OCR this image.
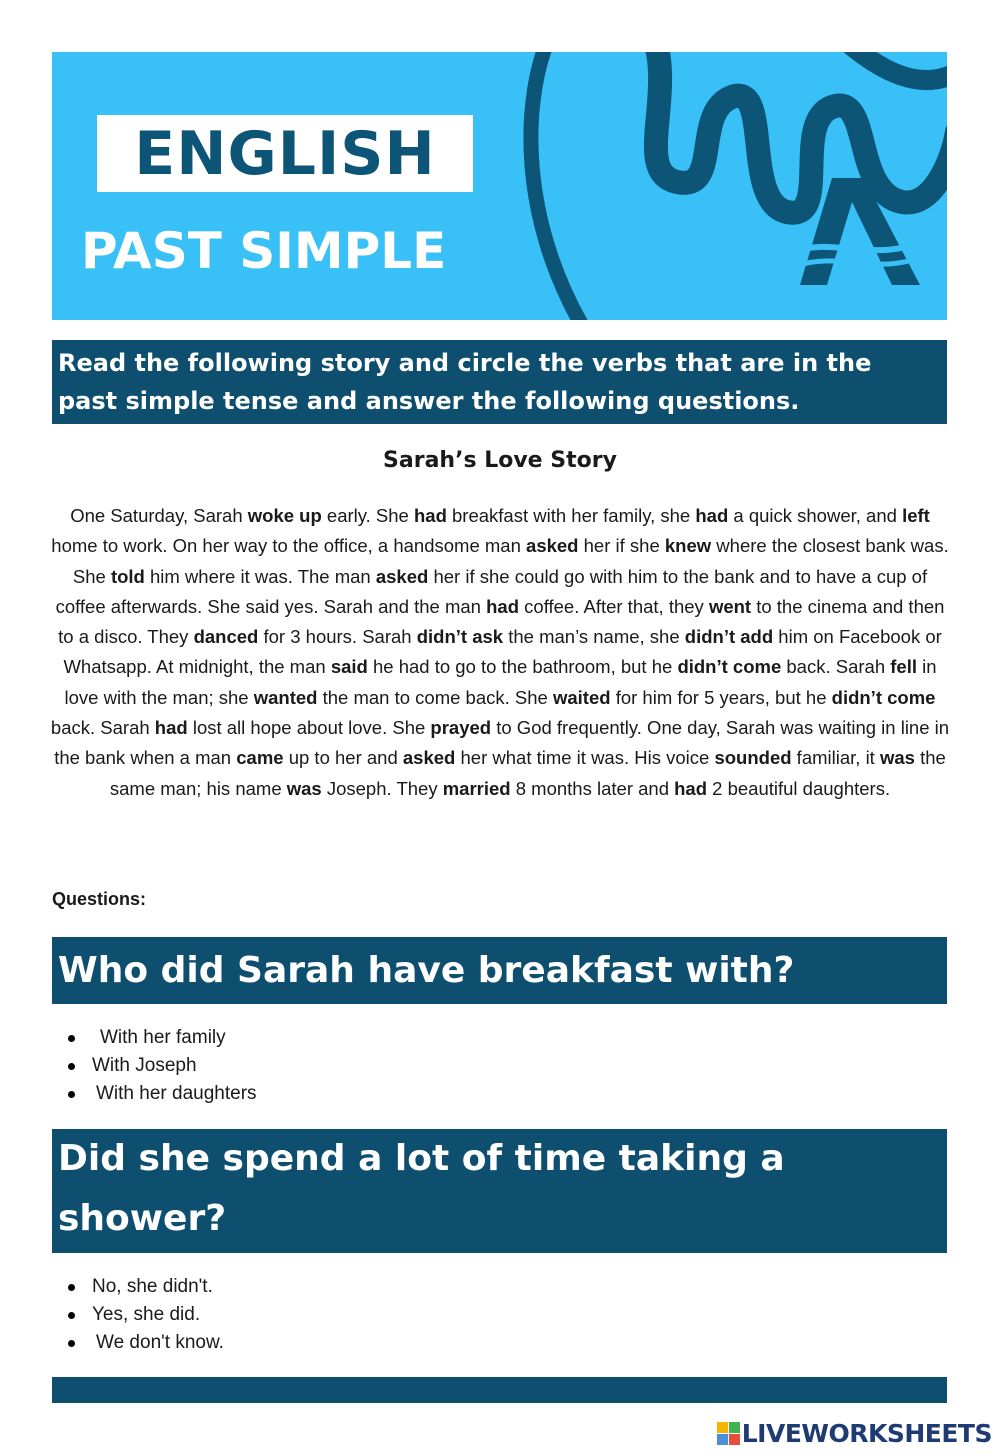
ENGLISH
PAST SIMPLE
Read the following story and circle the verbs that are in the past simple tense and answer the following questions.
Sarah’s Love Story
One Saturday, Sarah woke up early. She had breakfast with her family, she had a quick shower, and left home to work. On her way to the office, a handsome man asked her if she knew where the closest bank was. She told him where it was. The man asked her if she could go with him to the bank and to have a cup of coffee afterwards. She said yes. Sarah and the man had coffee. After that, they went to the cinema and then to a disco. They danced for 3 hours. Sarah didn’t ask the man’s name, she didn’t add him on Facebook or Whatsapp. At midnight, the man said he had to go to the bathroom, but he didn’t come back. Sarah fell in love with the man; she wanted the man to come back. She waited for him for 5 years, but he didn’t come back. Sarah had lost all hope about love. She prayed to God frequently. One day, Sarah was waiting in line in the bank when a man came up to her and asked her what time it was. His voice sounded familiar, it was the same man; his name was Joseph. They married 8 months later and had 2 beautiful daughters.
Questions:
Who did Sarah have breakfast with?
With her family
With Joseph
With her daughters
Did she spend a lot of time taking a shower?
No, she didn't.
Yes, she did.
We don't know.
LIVEWORKSHEETS
